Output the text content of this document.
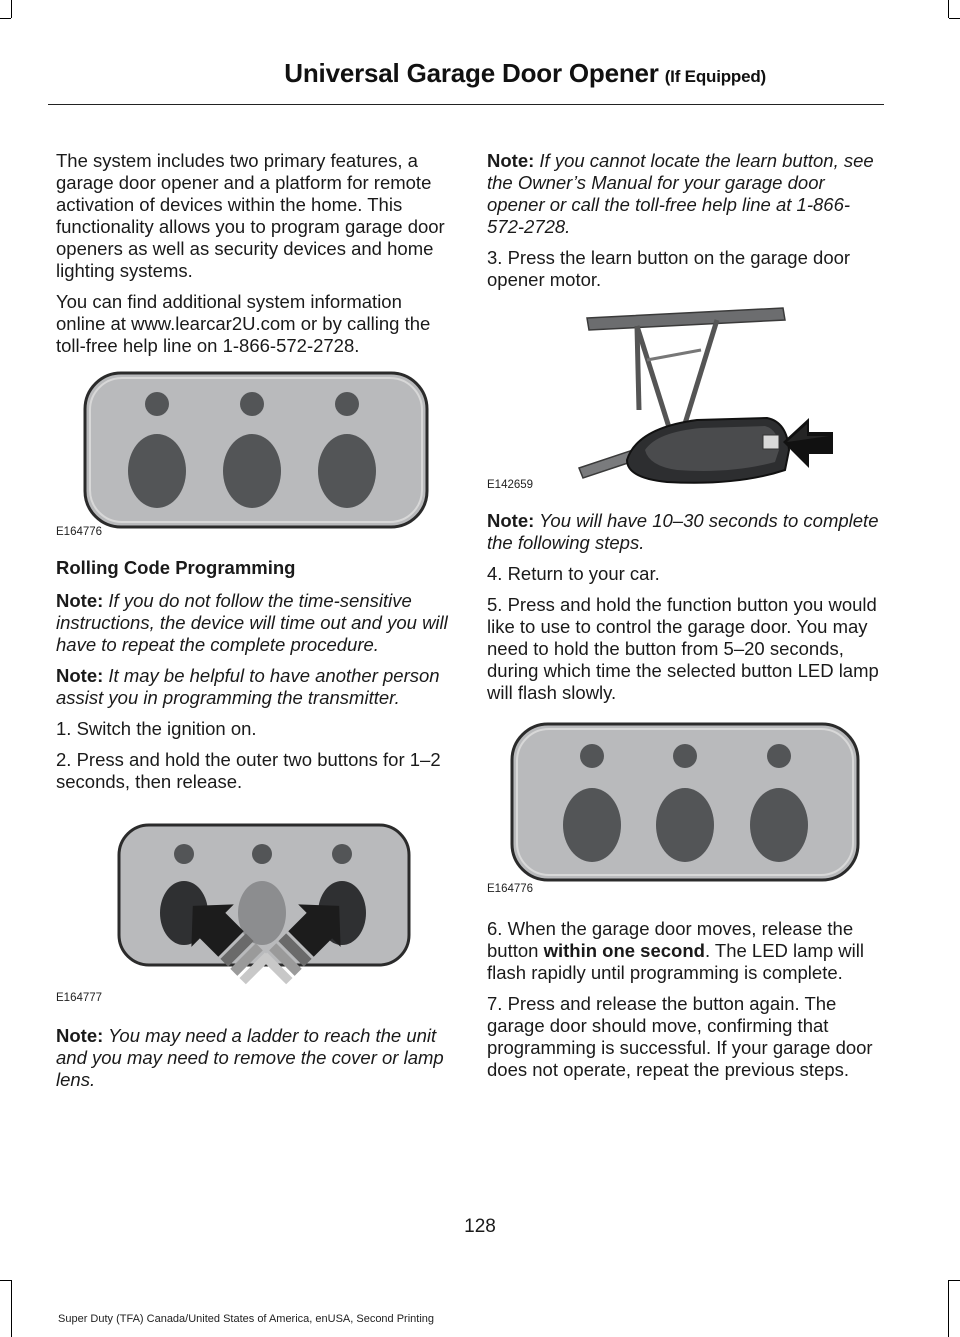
Universal Garage Door Opener (If Equipped)

The system includes two primary features, a garage door opener and a platform for remote activation of devices within the home. This functionality allows you to program garage door openers as well as security devices and home lighting systems.

You can find additional system information online at www.learcar2U.com or by calling the toll-free help line on 1-866-572-2728.

E164776
Rolling Code Programming

Note: If you do not follow the time-sensitive instructions, the device will time out and you will have to repeat the complete procedure.

Note: It may be helpful to have another person assist you in programming the transmitter.

1. Switch the ignition on.

2. Press and hold the outer two buttons for 1–2 seconds, then release.

E164777

Note: You may need a ladder to reach the unit and you may need to remove the cover or lamp lens.

Note: If you cannot locate the learn button, see the Owner’s Manual for your garage door opener or call the toll-free help line at 1-866-572-2728.

3. Press the learn button on the garage door opener motor.

E142659

Note: You will have 10–30 seconds to complete the following steps.

4. Return to your car.

5. Press and hold the function button you would like to use to control the garage door. You may need to hold the button from 5–20 seconds, during which time the selected button LED lamp will flash slowly.

E164776

6. When the garage door moves, release the button within one second. The LED lamp will flash rapidly until programming is complete.

7. Press and release the button again. The garage door should move, confirming that programming is successful. If your garage door does not operate, repeat the previous steps.

128
Super Duty (TFA) Canada/United States of America, enUSA, Second Printing
